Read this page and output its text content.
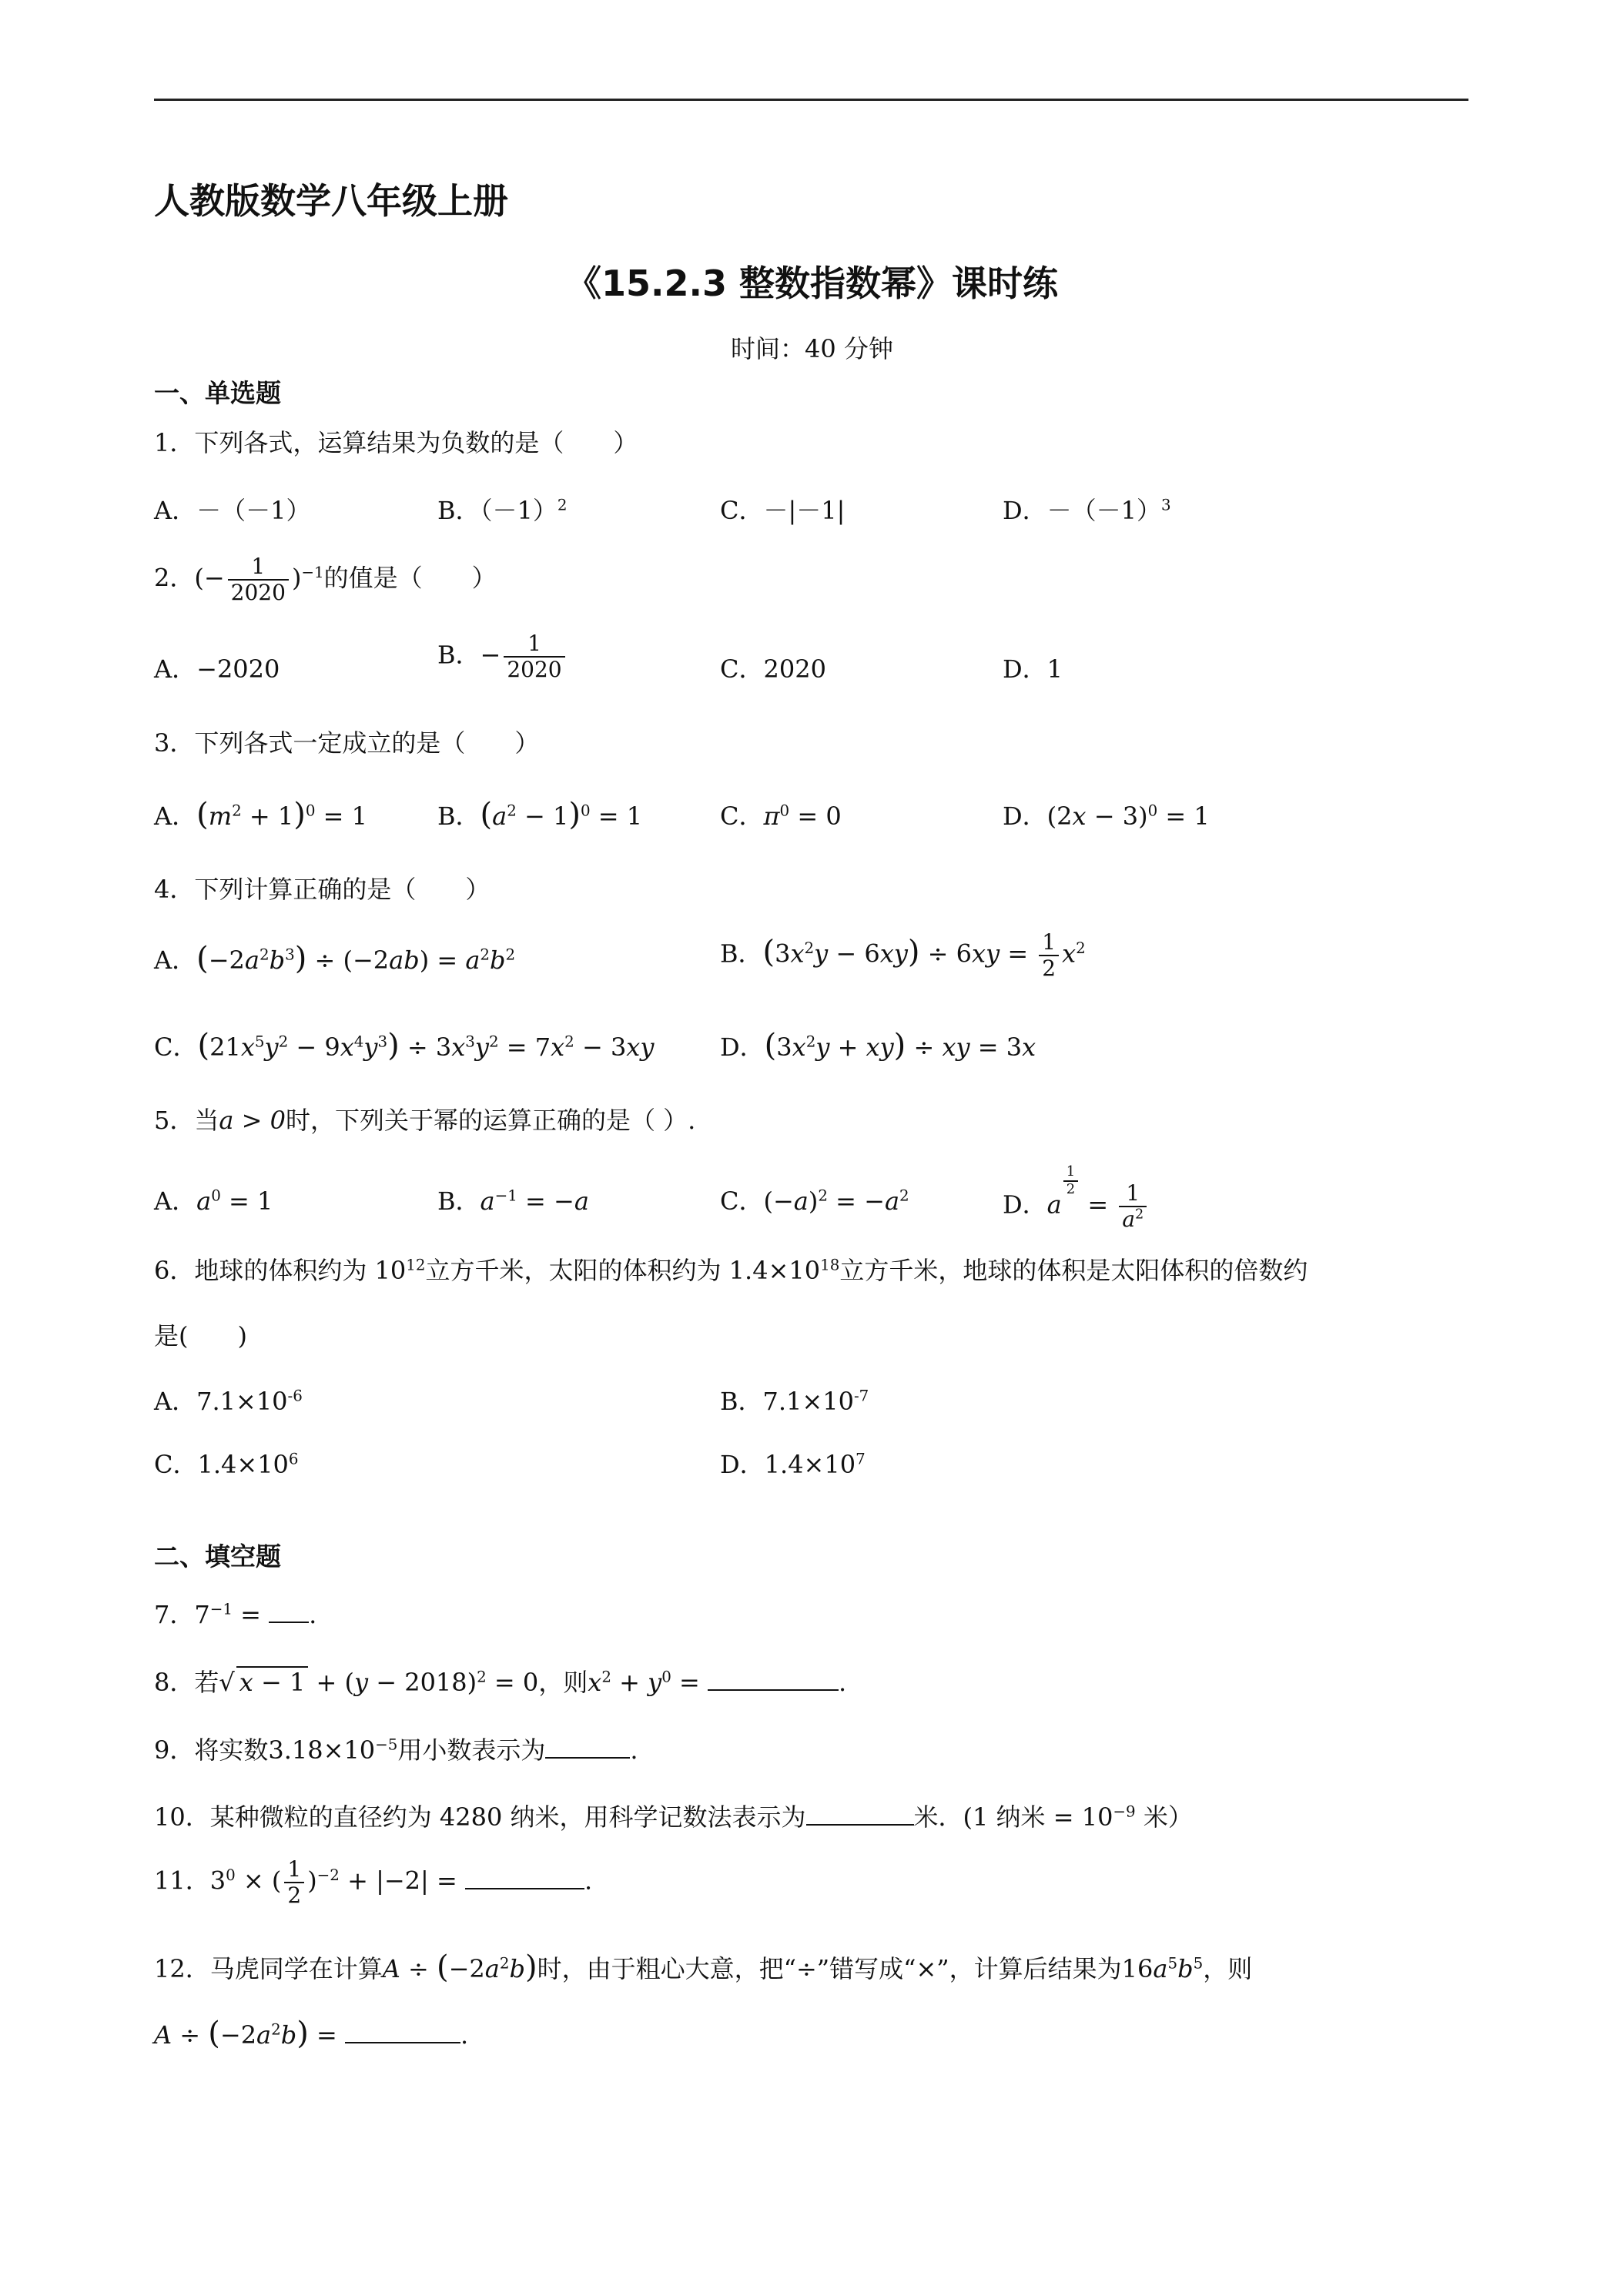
人教版数学八年级上册
《15.2.3 整数指数幂》课时练
时间：40 分钟
一、单选题
1．下列各式，运算结果为负数的是（　　）
A．－（－1）	B．$(-1)^2$	C．－|－1|	D．$-(-1)^3$
2．(− $\frac{1}{2020} )^{-1}$的值是（　　）
A．−2020	B．− $\frac{1}{2020}$	C．2020	D．1
3．下列各式一定成立的是（　　）
A．$(m^2 + 1)^0 = 1$	B．$(a^2 - 1)^0 = 1$	C．$\pi^0 = 0$	D．$(2x - 3)^0 = 1$
4．下列计算正确的是（　　）
A．$(-2a^2b^3) \div (-2ab) = a^2b^2$	B．$(3x^2y - 6xy) \div 6xy = \frac{1}{2} x^2$
C．$(21x^5y^2 - 9x^4y^3) \div 3x^3y^2 = 7x^2 - 3xy$	D．$(3x^2y + xy)$ ÷ xy = 3x
5．当a > 0时，下列关于幂的运算正确的是（ ）.
A．$a^0 = 1$	B．$a^{-1} = -a$	C．$(-a)^2 = -a^2$	D．a
$\frac{1}{2}$
= $\frac{1}{a^2}$
6．地球的体积约为 $10^{12}$立方千米，太阳的体积约为 $1.4\times 10^{18}$立方千米，地球的体积是太阳体积的倍数约
是(　　)
A．$7.1\times 10^{-6}$	B．$7.1\times 10^{-7}$
C．$1.4\times 10^6$	D．$1.4\times 10^7$
二、填空题
7．$7^{-1}$ = .
8．若√ $x - 1 + (y - 2018)^2 = 0$，则$x^2 + y^0$ =	.
9．将实数$3.18\times 10^{-5}$用小数表示为	.
10．某种微粒的直径约为 4280 纳米，用科学记数法表示为	米．(1 纳米 = $10^{-9}$ 米）
11．$3^0$ × ( $\frac{1}{2} )^{-2} + |-2|$ =	.
12．马虎同学在计算$A \div (-2a^2b)$时，由于粗心大意，把“÷”错写成“×”，计算后结果为$16a^5b^5$，则
$A \div (-2a^2b)$ =	.
